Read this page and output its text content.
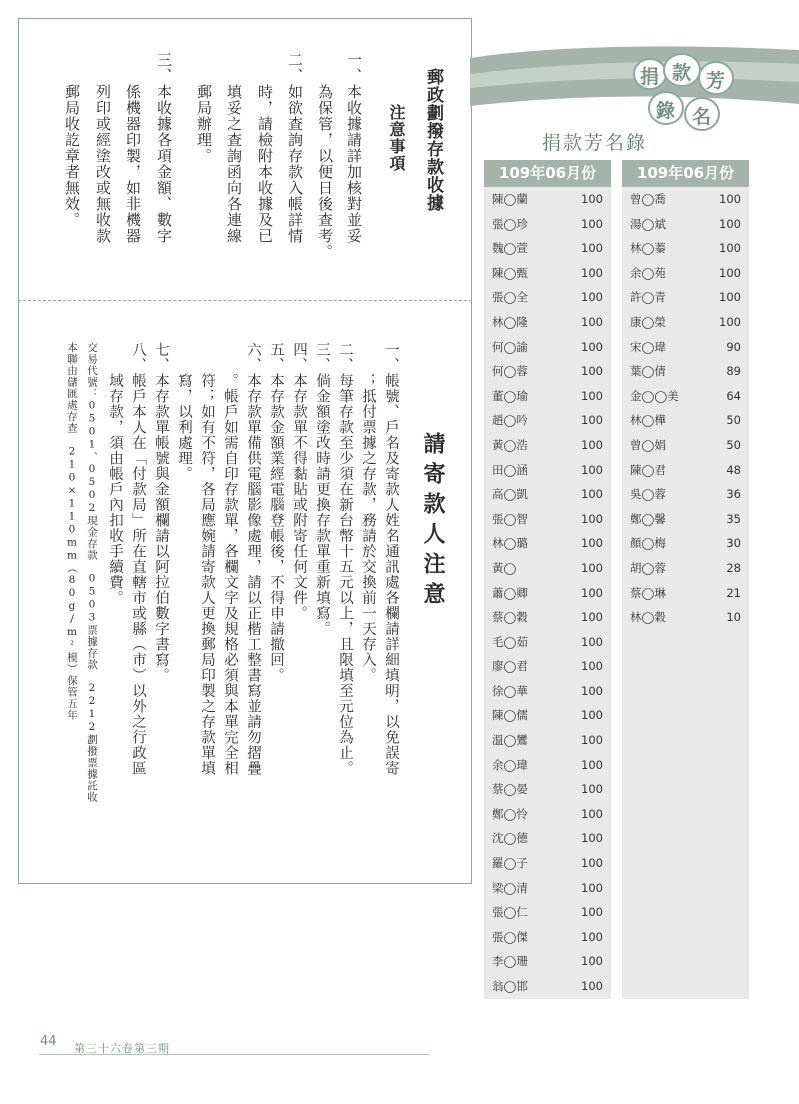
郵政劃撥存款收據
注意事項
一、本收據請詳加核對並妥
　　為保管，以便日後查考。
二、如欲查詢存款入帳詳情
　　時，請檢附本收據及已
　　填妥之查詢函向各連線
　　郵局辦理。
三、本收據各項金額、數字
　　係機器印製，如非機器
　　列印或經塗改或無收款
　　郵局收訖章者無效。
請寄款人注意
一、帳號、戶名及寄款人姓名通訊處各欄請詳細填明，以免誤寄
　　；抵付票據之存款，務請於交換前一天存入。
二、每筆存款至少須在新台幣十五元以上，且限填至元位為止。
三、倘金額塗改時請更換存款單重新填寫。
四、本存款單不得黏貼或附寄任何文件。
五、本存款金額業經電腦登帳後，不得申請撤回。
六、本存款單備供電腦影像處理，請以正楷工整書寫並請勿摺疊
　　。帳戶如需自印存款單，各欄文字及規格必須與本單完全相
　　符；如有不符，各局應婉請寄款人更換郵局印製之存款單填
　　寫，以利處理。
七、本存款單帳號與金額欄請以阿拉伯數字書寫。
八、帳戶本人在「付款局」所在直轄市或縣（市）以外之行政區
　　域存款，須由帳戶內扣收手續費。
交易代號：0501、0502現金存款　0503票據存款　2212劃撥票據託收
本聯由儲匯處存查　210×110mm（80g/m²模）保管五年
捐 款
錄 名
芳
捐款芳名錄
109年06月份
陳◯蘭	100
張◯珍	100
魏◯萱	100
陳◯甄	100
張◯全	100
林◯隆	100
何◯諭	100
何◯蓉	100
董◯瑜	100
趙◯吟	100
黃◯浩	100
田◯涵	100
高◯凱	100
張◯智	100
林◯璐	100
黃◯	100
蕭◯卿	100
蔡◯穀	100
毛◯茹	100
廖◯君	100
徐◯華	100
陳◯儒	100
溫◯鸞	100
余◯瑋	100
蔡◯晏	100
鄭◯怜	100
沈◯德	100
羅◯子	100
梁◯清	100
張◯仁	100
張◯傑	100
李◯珊	100
翁◯邯	100
109年06月份
曾◯喬	100
湯◯斌	100
林◯蓁	100
余◯苑	100
許◯青	100
康◯榮	100
宋◯瑋	90
葉◯倩	89
金◯◯美	64
林◯樺	50
曾◯娟	50
陳◯君	48
吳◯蓉	36
鄭◯馨	35
顏◯梅	30
胡◯蓉	28
蔡◯琳	21
林◯穀	10
44 第三十六卷第三期
